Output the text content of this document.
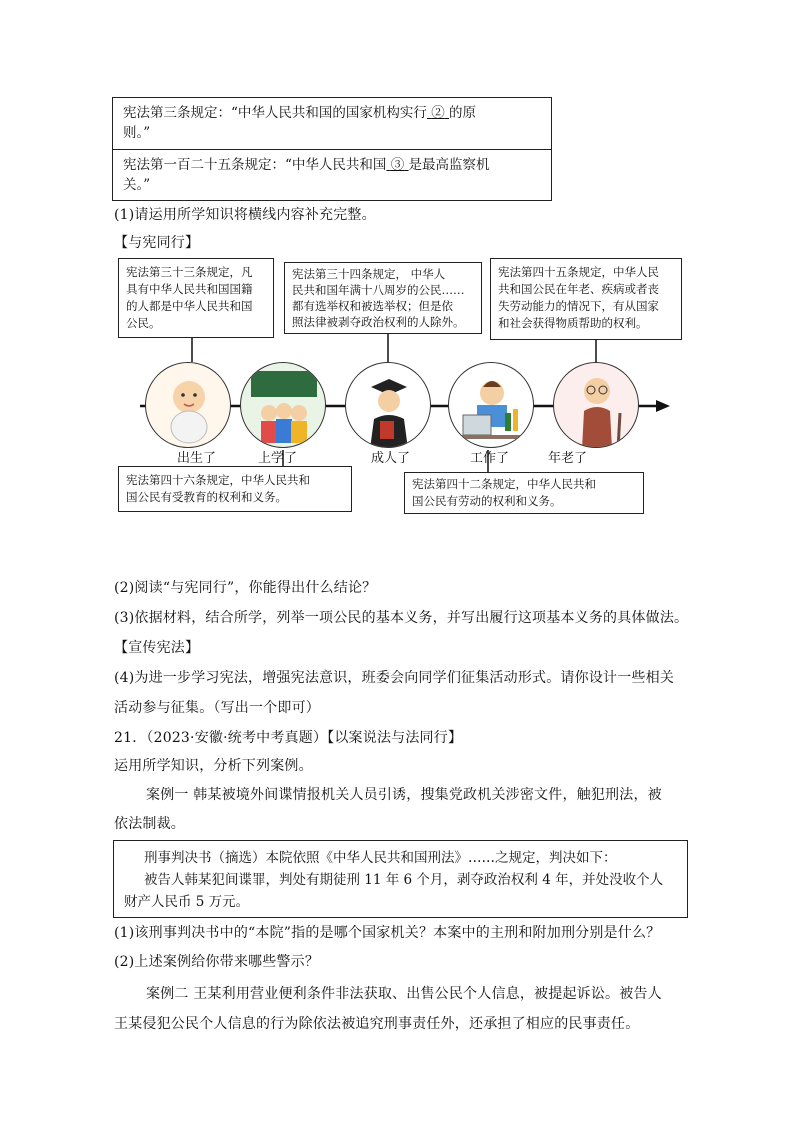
宪法第三条规定：“中华人民共和国的国家机构实行 ② 的原
则。”
宪法第一百二十五条规定：“中华人民共和国 ③ 是最高监察机
关。”
(1)请运用所学知识将横线内容补充完整。
【与宪同行】
宪法第三十三条规定，凡
具有中华人民共和国国籍
的人都是中华人民共和国
公民。
宪法第三十四条规定， 中华人
民共和国年满十八周岁的公民……
都有选举权和被选举权；但是依
照法律被剥夺政治权利的人除外。
宪法第四十五条规定，中华人民
共和国公民在年老、疾病或者丧
失劳动能力的情况下，有从国家
和社会获得物质帮助的权利。
出生了	上学了	成人了	工作了	年老了
宪法第四十六条规定，中华人民共和
国公民有受教育的权利和义务。
宪法第四十二条规定，中华人民共和
国公民有劳动的权利和义务。
(2)阅读“与宪同行”，你能得出什么结论？
(3)依据材料，结合所学，列举一项公民的基本义务，并写出履行这项基本义务的具体做法。
【宣传宪法】
(4)为进一步学习宪法，增强宪法意识，班委会向同学们征集活动形式。请你设计一些相关
活动参与征集。（写出一个即可）
21．（2023·安徽·统考中考真题）【以案说法与法同行】
运用所学知识，分析下列案例。
案例一 韩某被境外间谍情报机关人员引诱，搜集党政机关涉密文件，触犯刑法，被
依法制裁。
刑事判决书（摘选）本院依照《中华人民共和国刑法》……之规定，判决如下：
被告人韩某犯间谍罪，判处有期徒刑 11 年 6 个月，剥夺政治权利 4 年，并处没收个人
财产人民币 5 万元。
(1)该刑事判决书中的“本院”指的是哪个国家机关？本案中的主刑和附加刑分别是什么？
(2)上述案例给你带来哪些警示？
案例二 王某利用营业便利条件非法获取、出售公民个人信息，被提起诉讼。被告人
王某侵犯公民个人信息的行为除依法被追究刑事责任外，还承担了相应的民事责任。
